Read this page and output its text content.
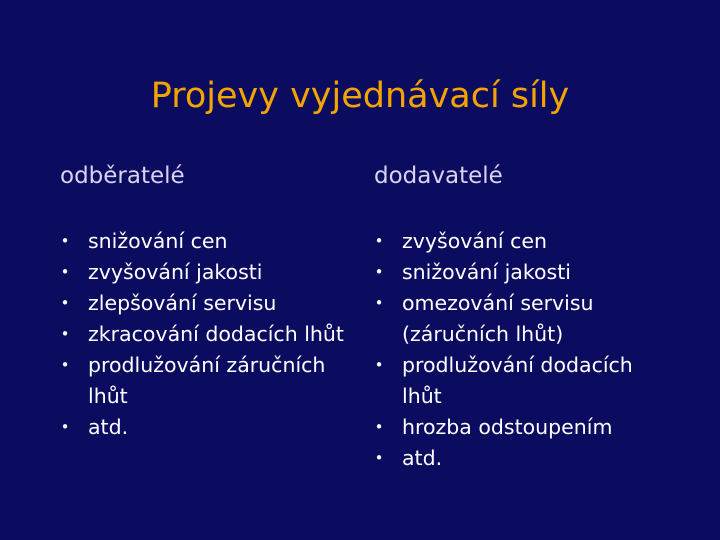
Projevy vyjednávací síly
odběratelé	dodavatelé
• snižování cen
• zvyšování jakosti
• zlepšování servisu
• zkracování dodacích lhůt
• prodlužování záručních lhůt
• atd.
• zvyšování cen
• snižování jakosti
• omezování servisu (záručních lhůt)
• prodlužování dodacích lhůt
• hrozba odstoupením
• atd.
